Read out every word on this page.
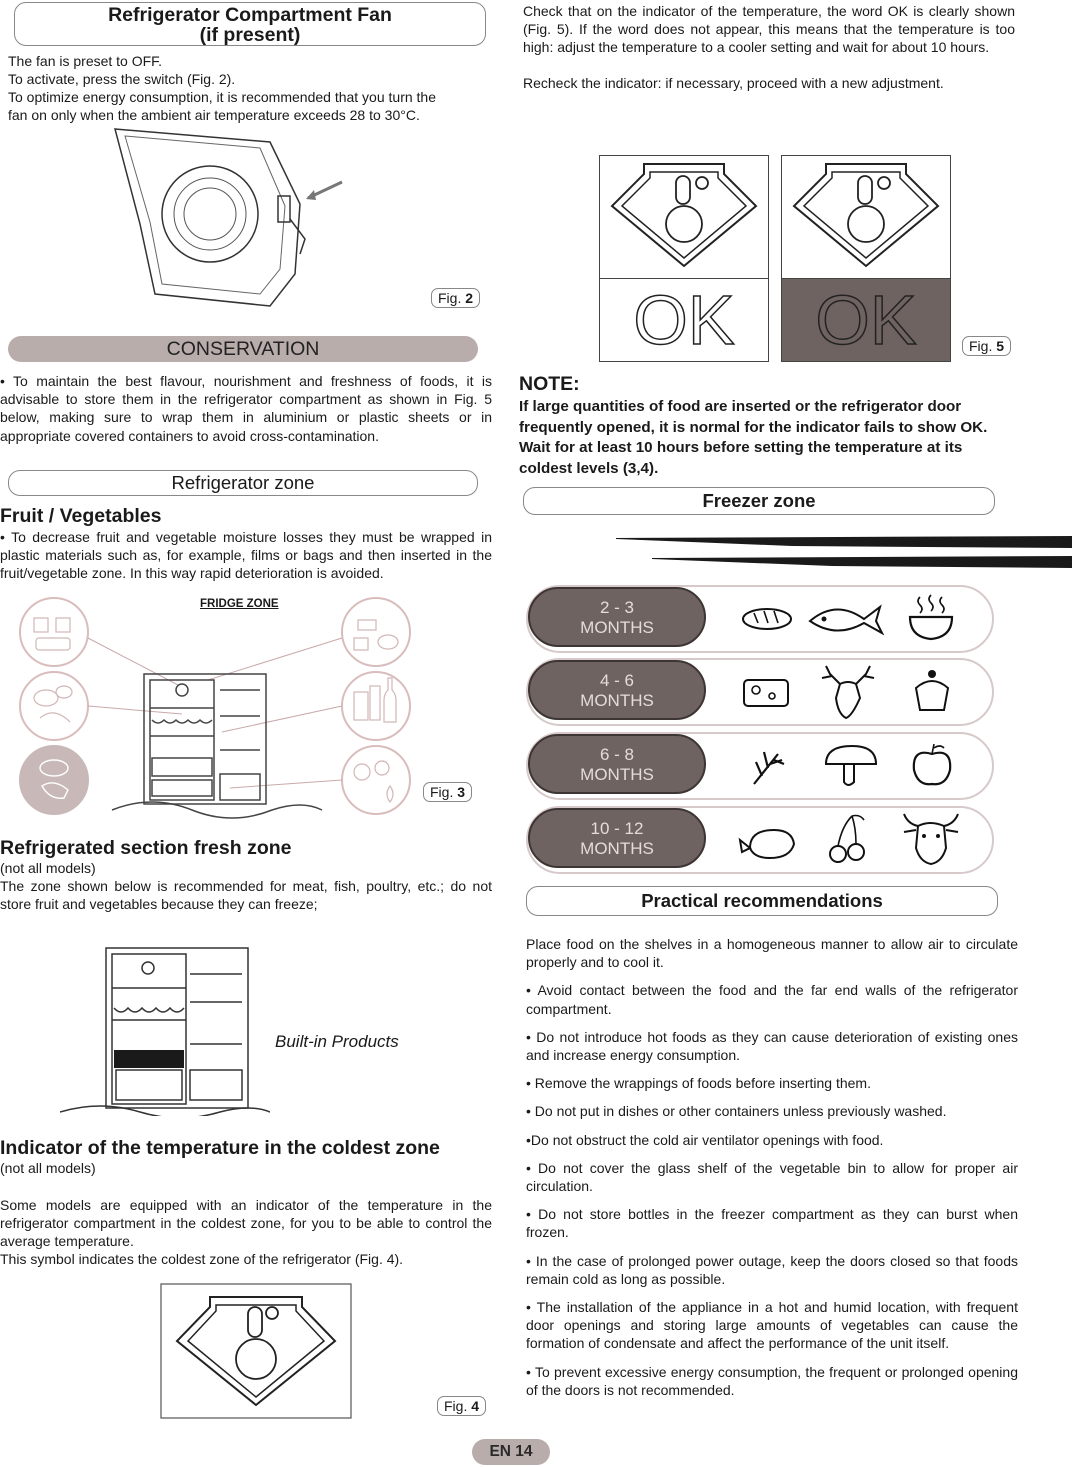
Refrigerator Compartment Fan
(if present)

The fan is preset to OFF.

To activate, press the switch (Fig. 2).

To optimize energy consumption, it is recommended that you turn the

fan on only when the ambient air temperature exceeds 28 to 30°C.

Fig. 2
CONSERVATION

• To maintain the best flavour, nourishment and freshness of foods, it is advisable to store them in the refrigerator compartment as shown in Fig. 5 below, making sure to wrap them in aluminium or plastic sheets or in appropriate covered containers to avoid cross-contamination.

Refrigerator zone
Fruit / Vegetables

• To decrease fruit and vegetable moisture losses they must be wrapped in plastic materials such as, for example, films or bags and then inserted in the fruit/vegetable zone. In this way rapid deterioration is avoided.

FRIDGE ZONE
Fig. 3
Refrigerated section fresh zone

(not all models)

The zone shown below is recommended for meat, fish, poultry, etc.; do not store fruit and vegetables because they can freeze;

Built-in Products
Indicator of the temperature in the coldest zone

(not all models)

Some models are equipped with an indicator of the temperature in the refrigerator compartment in the coldest zone, for you to be able to control the average temperature.

This symbol indicates the coldest zone of the refrigerator (Fig. 4).

Fig. 4

Check that on the indicator of the temperature, the word OK is clearly shown (Fig. 5). If the word does not appear, this means that the temperature is too high: adjust the temperature to a cooler setting and wait for about 10 hours.

Recheck the indicator: if necessary, proceed with a new adjustment.

OK	OK	Fig. 5
NOTE:

If large quantities of food are inserted or the refrigerator door frequently opened, it is normal for the indicator fails to show OK. Wait for at least 10 hours before setting the temperature at its coldest levels (3,4).

Freezer zone
2 - 3
MONTHS
4 - 6
MONTHS
6 - 8
MONTHS
10 - 12
MONTHS
Practical recommendations

Place food on the shelves in a homogeneous manner to allow air to circulate properly and to cool it.

• Avoid contact between the food and the far end walls of the refrigerator compartment.

• Do not introduce hot foods as they can cause deterioration of existing ones and increase energy consumption.

• Remove the wrappings of foods before inserting them.

• Do not put in dishes or other containers unless previously washed.

•Do not obstruct the cold air ventilator openings with food.

• Do not cover the glass shelf of the vegetable bin to allow for proper air circulation.

• Do not store bottles in the freezer compartment as they can burst when frozen.

• In the case of prolonged power outage, keep the doors closed so that foods remain cold as long as possible.

• The installation of the appliance in a hot and humid location, with frequent door openings and storing large amounts of vegetables can cause the formation of condensate and affect the performance of the unit itself.

• To prevent excessive energy consumption, the frequent or prolonged opening of the doors is not recommended.

EN 14
